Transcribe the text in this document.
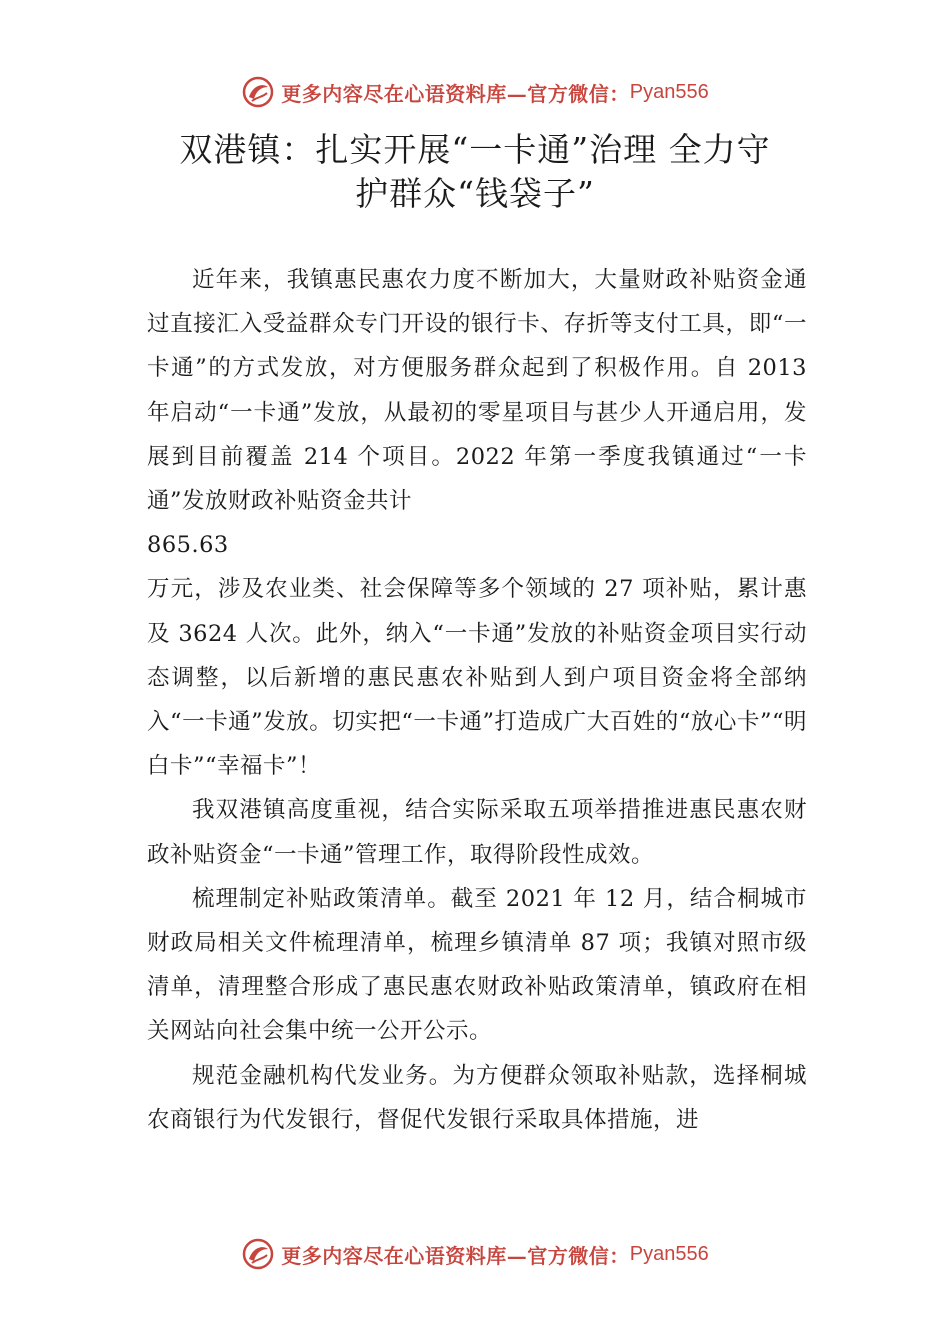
更多内容尽在心语资料库—官方微信： Pyan556
双港镇：扎实开展“一卡通”治理 全力守
护群众“钱袋子”

近年来，我镇惠民惠农力度不断加大，大量财政补贴资金通过直接汇入受益群众专门开设的银行卡、存折等支付工具，即“一卡通”的方式发放，对方便服务群众起到了积极作用。自 2013 年启动“一卡通”发放，从最初的零星项目与甚少人开通启用，发展到目前覆盖 214 个项目。2022 年第一季度我镇通过“一卡通”发放财政补贴资金共计

865.63

万元，涉及农业类、社会保障等多个领域的 27 项补贴，累计惠及 3624 人次。此外，纳入“一卡通”发放的补贴资金项目实行动态调整，以后新增的惠民惠农补贴到人到户项目资金将全部纳入“一卡通”发放。切实把“一卡通”打造成广大百姓的“放心卡”“明白卡”“幸福卡”！

我双港镇高度重视，结合实际采取五项举措推进惠民惠农财政补贴资金“一卡通”管理工作，取得阶段性成效。

梳理制定补贴政策清单。截至 2021 年 12 月，结合桐城市财政局相关文件梳理清单，梳理乡镇清单 87 项；我镇对照市级清单，清理整合形成了惠民惠农财政补贴政策清单，镇政府在相关网站向社会集中统一公开公示。

规范金融机构代发业务。为方便群众领取补贴款，选择桐城农商银行为代发银行，督促代发银行采取具体措施，进

更多内容尽在心语资料库—官方微信： Pyan556
